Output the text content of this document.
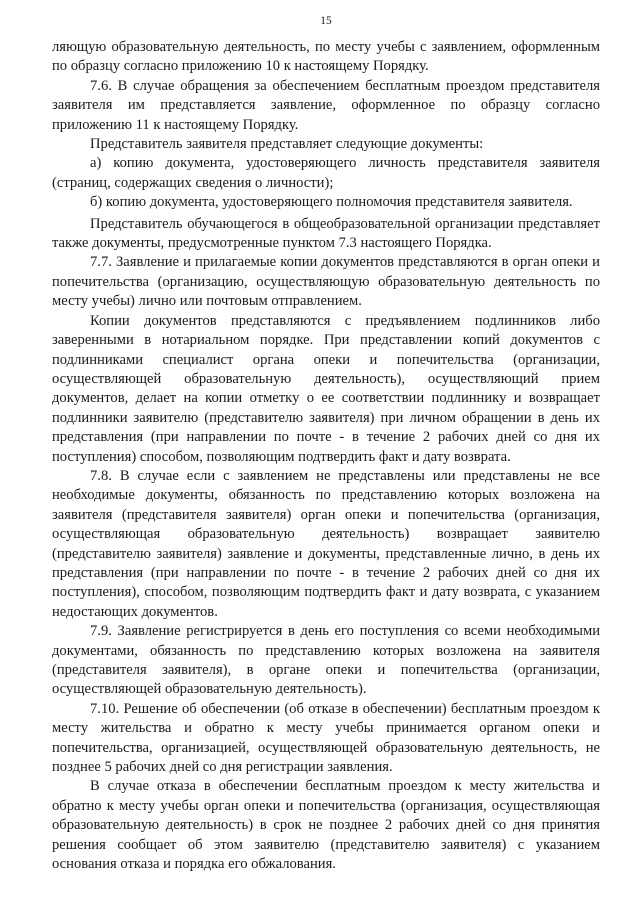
15

ляющую образовательную деятельность, по месту учебы с заявлением, оформленным по образцу согласно приложению 10 к настоящему Порядку.

7.6. В случае обращения за обеспечением бесплатным проездом представителя заявителя им представляется заявление, оформленное по образцу согласно приложению 11 к настоящему Порядку.

Представитель заявителя представляет следующие документы:

а) копию документа, удостоверяющего личность представителя заявителя (страниц, содержащих сведения о личности);

б) копию документа, удостоверяющего полномочия представителя заявителя.

Представитель обучающегося в общеобразовательной организации представляет также документы, предусмотренные пунктом 7.3 настоящего Порядка.

7.7. Заявление и прилагаемые копии документов представляются в орган опеки и попечительства (организацию, осуществляющую образовательную деятельность по месту учебы) лично или почтовым отправлением.

Копии документов представляются с предъявлением подлинников либо заверенными в нотариальном порядке. При представлении копий документов с подлинниками специалист органа опеки и попечительства (организации, осуществляющей образовательную деятельность), осуществляющий прием документов, делает на копии отметку о ее соответствии подлиннику и возвращает подлинники заявителю (представителю заявителя) при личном обращении в день их представления (при направлении по почте - в течение 2 рабочих дней со дня их поступления) способом, позволяющим подтвердить факт и дату возврата.

7.8. В случае если с заявлением не представлены или представлены не все необходимые документы, обязанность по представлению которых возложена на заявителя (представителя заявителя) орган опеки и попечительства (организация, осуществляющая образовательную деятельность) возвращает заявителю (представителю заявителя) заявление и документы, представленные лично, в день их представления (при направлении по почте - в течение 2 рабочих дней со дня их поступления), способом, позволяющим подтвердить факт и дату возврата, с указанием недостающих документов.

7.9. Заявление регистрируется в день его поступления со всеми необходимыми документами, обязанность по представлению которых возложена на заявителя (представителя заявителя), в органе опеки и попечительства (организации, осуществляющей образовательную деятельность).

7.10. Решение об обеспечении (об отказе в обеспечении) бесплатным проездом к месту жительства и обратно к месту учебы принимается органом опеки и попечительства, организацией, осуществляющей образовательную деятельность, не позднее 5 рабочих дней со дня регистрации заявления.

В случае отказа в обеспечении бесплатным проездом к месту жительства и обратно к месту учебы орган опеки и попечительства (организация, осуществляющая образовательную деятельность) в срок не позднее 2 рабочих дней со дня принятия решения сообщает об этом заявителю (представителю заявителя) с указанием основания отказа и порядка его обжалования.
